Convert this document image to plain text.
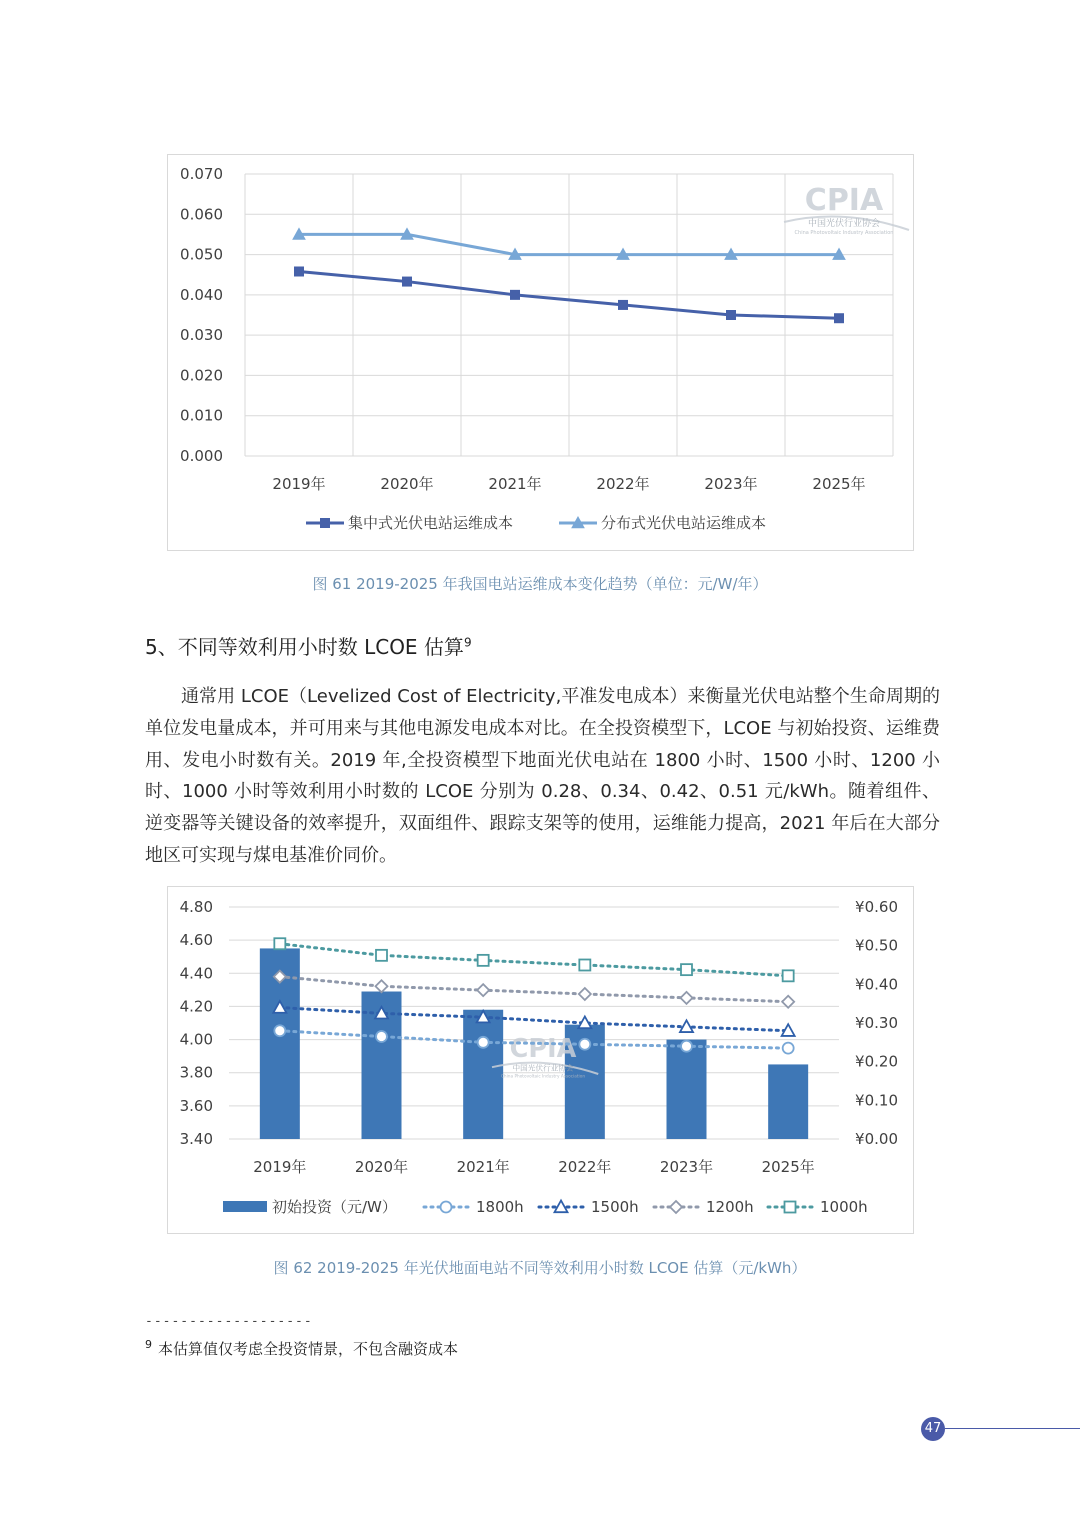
0.000
0.010
0.020
0.030
0.040
0.050
0.060
0.070
2019年	2020年	2021年	2022年	2023年	2025年
CPIA
中国光伏行业协会
China Photovoltaic Industry Association
集中式光伏电站运维成本	分布式光伏电站运维成本
图 61 2019-2025 年我国电站运维成本变化趋势（单位：元/W/年）
5、不同等效利用小时数 LCOE 估算$^9$

通常用 LCOE（Levelized Cost of Electricity,平准发电成本）来衡量光伏电站整个生命周期的单位发电量成本，并可用来与其他电源发电成本对比。在全投资模型下，LCOE 与初始投资、运维费用、发电小时数有关。2019 年,全投资模型下地面光伏电站在 1800 小时、1500 小时、1200 小时、1000 小时等效利用小时数的 LCOE 分别为 0.28、0.34、0.42、0.51 元/kWh。随着组件、逆变器等关键设备的效率提升，双面组件、跟踪支架等的使用，运维能力提高，2021 年后在大部分地区可实现与煤电基准价同价。

3.40
3.60
3.80
4.00
4.20
4.40
4.60
4.80
¥0.00
¥0.10
¥0.20
¥0.30
¥0.40
¥0.50
¥0.60
2019年	2020年	2021年	2022年	2023年	2025年
CPIA
中国光伏行业协会
China Photovoltaic Industry Association
初始投资（元/W）	1800h	1500h	1200h	1000h
图 62 2019-2025 年光伏地面电站不同等效利用小时数 LCOE 估算（元/kWh）
-------------------
$^9$ 本估算值仅考虑全投资情景，不包含融资成本
47
